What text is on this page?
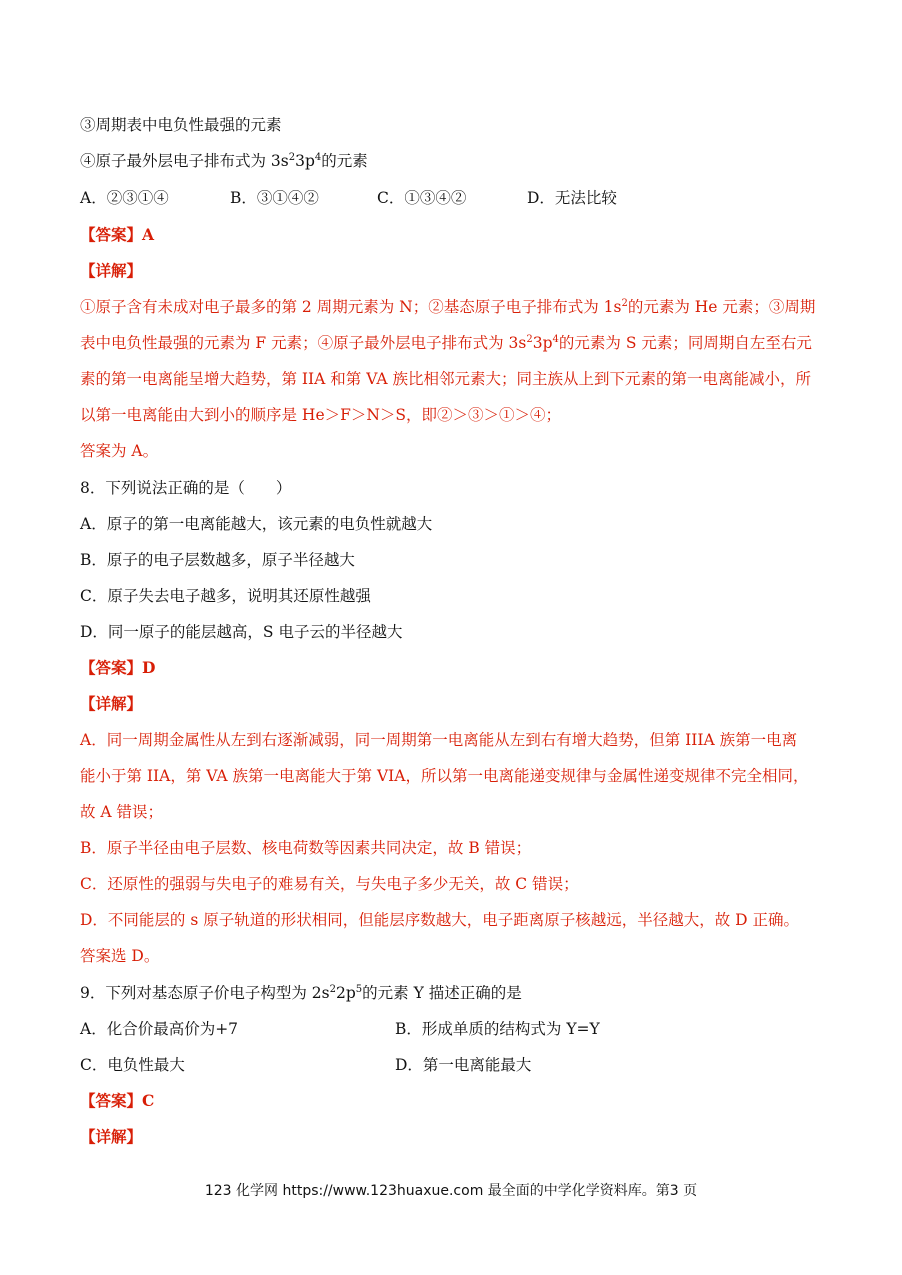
③周期表中电负性最强的元素
④原子最外层电子排布式为 $3s^23p^4$的元素
A．②③①④	B．③①④②	C．①③④②	D．无法比较
【答案】A
【详解】
①原子含有未成对电子最多的第 2 周期元素为 N；②基态原子电子排布式为 $1s^2$的元素为 He 元素；③周期
表中电负性最强的元素为 F 元素；④原子最外层电子排布式为 $3s^23p^4$的元素为 S 元素；同周期自左至右元
素的第一电离能呈增大趋势，第 IIA 和第 VA 族比相邻元素大；同主族从上到下元素的第一电离能减小，所
以第一电离能由大到小的顺序是 He＞F＞N＞S，即②＞③＞①＞④；
答案为 A。
8．下列说法正确的是（　　）
A．原子的第一电离能越大，该元素的电负性就越大
B．原子的电子层数越多，原子半径越大
C．原子失去电子越多，说明其还原性越强
D．同一原子的能层越高，S 电子云的半径越大
【答案】D
【详解】
A．同一周期金属性从左到右逐渐减弱，同一周期第一电离能从左到右有增大趋势，但第 IIIA 族第一电离
能小于第 IIA，第 VA 族第一电离能大于第 VIA，所以第一电离能递变规律与金属性递变规律不完全相同，
故 A 错误；
B．原子半径由电子层数、核电荷数等因素共同决定，故 B 错误；
C．还原性的强弱与失电子的难易有关，与失电子多少无关，故 C 错误；
D．不同能层的 s 原子轨道的形状相同，但能层序数越大，电子距离原子核越远，半径越大，故 D 正确。
答案选 D。
9．下列对基态原子价电子构型为 $2s^22p^5$的元素 Y 描述正确的是
A．化合价最高价为+7	B．形成单质的结构式为 Y=Y
C．电负性最大	D．第一电离能最大
【答案】C
【详解】
123 化学网 https://www.123huaxue.com 最全面的中学化学资料库。第3 页
